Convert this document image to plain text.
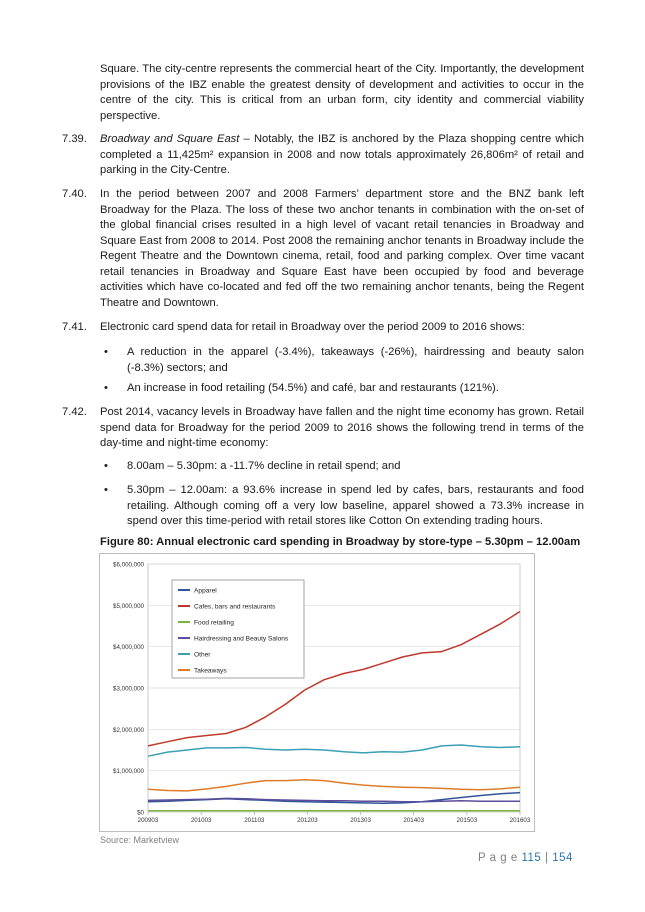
Square. The city-centre represents the commercial heart of the City. Importantly, the development provisions of the IBZ enable the greatest density of development and activities to occur in the centre of the city. This is critical from an urban form, city identity and commercial viability perspective.

7.39. Broadway and Square East – Notably, the IBZ is anchored by the Plaza shopping centre which completed a 11,425m² expansion in 2008 and now totals approximately 26,806m² of retail and parking in the City-Centre.

7.40. In the period between 2007 and 2008 Farmers’ department store and the BNZ bank left Broadway for the Plaza. The loss of these two anchor tenants in combination with the on-set of the global financial crises resulted in a high level of vacant retail tenancies in Broadway and Square East from 2008 to 2014. Post 2008 the remaining anchor tenants in Broadway include the Regent Theatre and the Downtown cinema, retail, food and parking complex. Over time vacant retail tenancies in Broadway and Square East have been occupied by food and beverage activities which have co-located and fed off the two remaining anchor tenants, being the Regent Theatre and Downtown.

7.41. Electronic card spend data for retail in Broadway over the period 2009 to 2016 shows:

• A reduction in the apparel (-3.4%), takeaways (-26%), hairdressing and beauty salon (-8.3%) sectors; and

• An increase in food retailing (54.5%) and café, bar and restaurants (121%).

7.42. Post 2014, vacancy levels in Broadway have fallen and the night time economy has grown. Retail spend data for Broadway for the period 2009 to 2016 shows the following trend in terms of the day-time and night-time economy:

• 8.00am – 5.30pm: a -11.7% decline in retail spend; and

• 5.30pm – 12.00am: a 93.6% increase in spend led by cafes, bars, restaurants and food retailing. Although coming off a very low baseline, apparel showed a 73.3% increase in spend over this time-period with retail stores like Cotton On extending trading hours.

Figure 80: Annual electronic card spending in Broadway by store-type – 5.30pm – 12.00am
$0
$1,000,000
$2,000,000
$3,000,000
$4,000,000
$5,000,000
$6,000,000
200903	201003	201103	201203	201303	201403	201503	201603
Apparel
Cafes, bars and restaurants
Food retailing
Hairdressing and Beauty Salons
Other
Takeaways
Source: Marketview
P a g e 115 | 154
